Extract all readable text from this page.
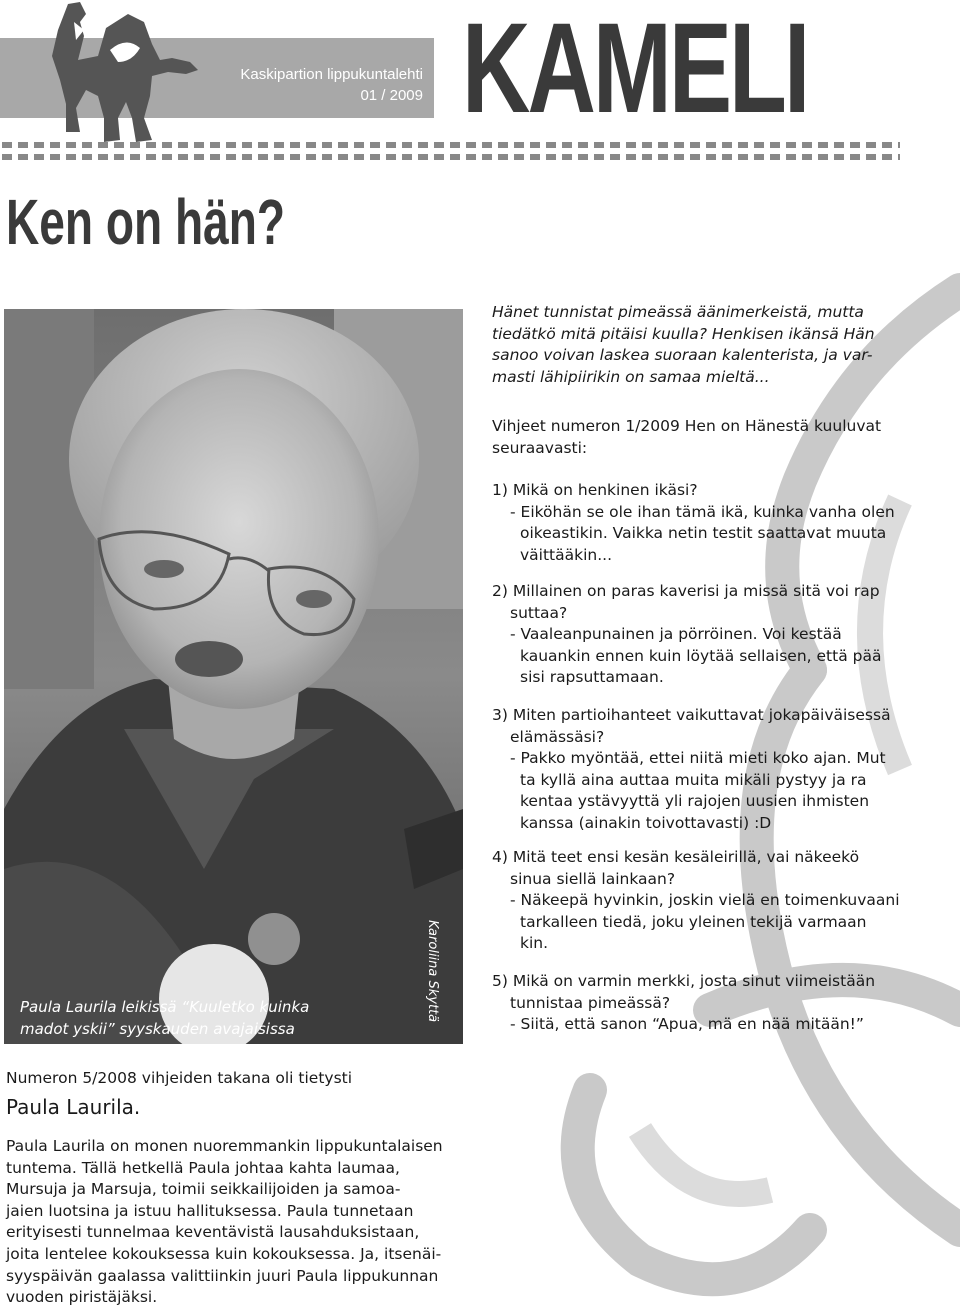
Kaskipartion lippukuntalehti
01 / 2009 KAMELI	XIV
Ken on hän?
Paula Laurila leikissä “Kuuletko kuinka
madot yskii” syyskauden avajaisissa 2007.
Karoliina Skyttä
Hänet tunnistat pimeässä äänimerkeistä, mutta
tiedätkö mitä pitäisi kuulla? Henkisen ikänsä Hän
sanoo voivan laskea suoraan kalenterista, ja var-
masti lähipiirikin on samaa mieltä...
Vihjeet numeron 1/2009 Hen on Hänestä kuuluvat
seuraavasti:
1) Mikä on henkinen ikäsi?
- Eiköhän se ole ihan tämä ikä, kuinka vanha olen
oikeastikin. Vaikka netin testit saattavat muuta
väittääkin...
2) Millainen on paras kaverisi ja missä sitä voi rap
suttaa?
- Vaaleanpunainen ja pörröinen. Voi kestää
kauankin ennen kuin löytää sellaisen, että pää
sisi rapsuttamaan.
3) Miten partioihanteet vaikuttavat jokapäiväisessä
elämässäsi?
- Pakko myöntää, ettei niitä mieti koko ajan. Mut
ta kyllä aina auttaa muita mikäli pystyy ja ra
kentaa ystävyyttä yli rajojen uusien ihmisten
kanssa (ainakin toivottavasti) :D
4) Mitä teet ensi kesän kesäleirillä, vai näkeekö
sinua siellä lainkaan?
- Näkeepä hyvinkin, joskin vielä en toimenkuvaani
tarkalleen tiedä, joku yleinen tekijä varmaan
kin.
5) Mikä on varmin merkki, josta sinut viimeistään
tunnistaa pimeässä?
- Siitä, että sanon “Apua, mä en nää mitään!”
Numeron 5/2008 vihjeiden takana oli tietysti
Paula Laurila.
Paula Laurila on monen nuoremmankin lippukuntalaisen
tuntema. Tällä hetkellä Paula johtaa kahta laumaa,
Mursuja ja Marsuja, toimii seikkailijoiden ja samoa-
jaien luotsina ja istuu hallituksessa. Paula tunnetaan
erityisesti tunnelmaa keventävistä lausahduksistaan,
joita lentelee kokouksessa kuin kokouksessa. Ja, itsenäi-
syyspäivän gaalassa valittiinkin juuri Paula lippukunnan
vuoden piristäjäksi.
